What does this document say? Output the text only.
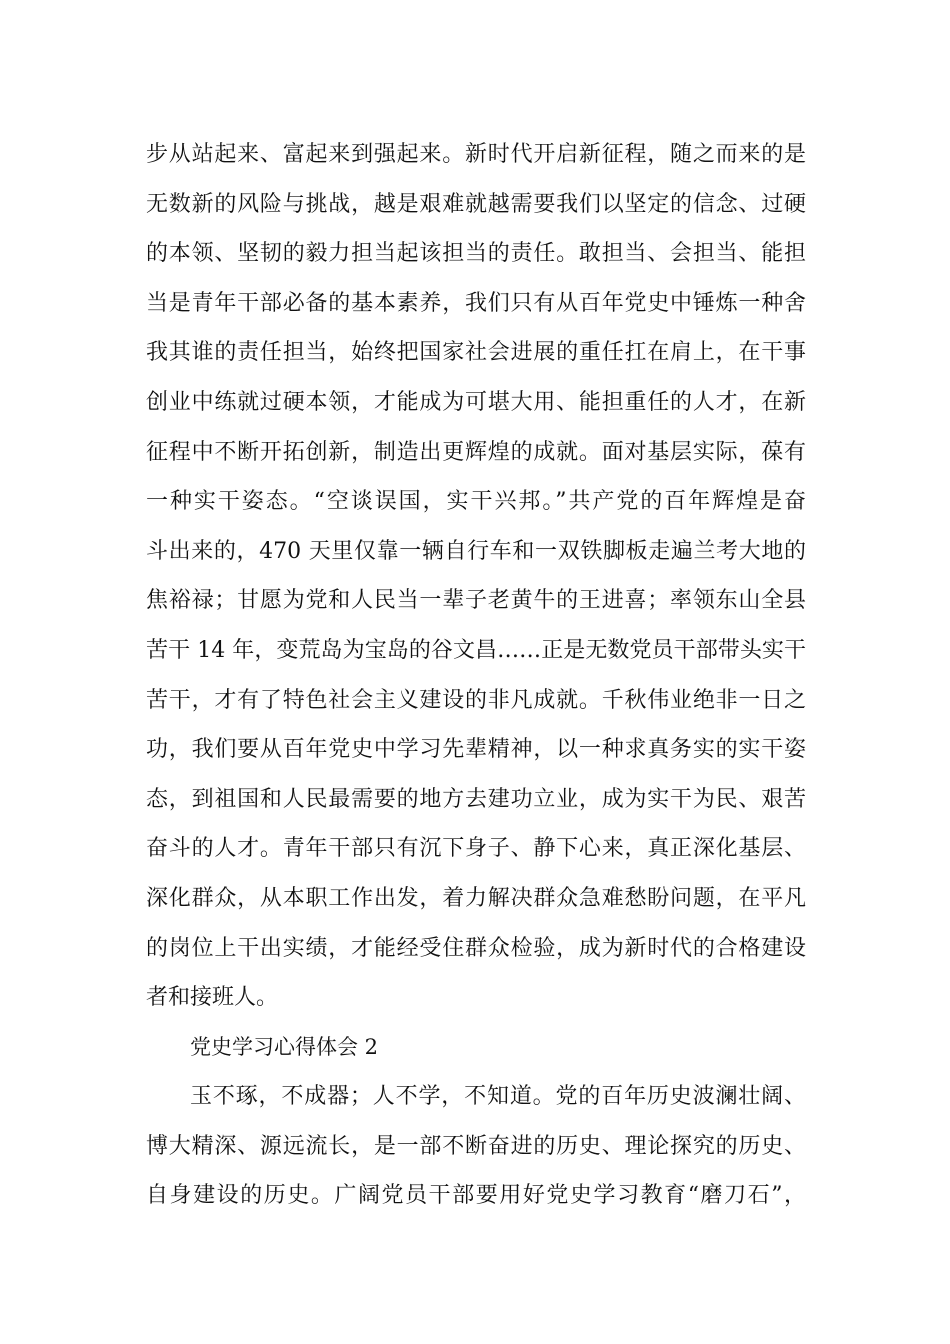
步从站起来、富起来到强起来。新时代开启新征程，随之而来的是
无数新的风险与挑战，越是艰难就越需要我们以坚定的信念、过硬
的本领、坚韧的毅力担当起该担当的责任。敢担当、会担当、能担
当是青年干部必备的基本素养，我们只有从百年党史中锤炼一种舍
我其谁的责任担当，始终把国家社会进展的重任扛在肩上，在干事
创业中练就过硬本领，才能成为可堪大用、能担重任的人才，在新
征程中不断开拓创新，制造出更辉煌的成就。面对基层实际，葆有
一种实干姿态。“空谈误国，实干兴邦。”共产党的百年辉煌是奋
斗出来的，470 天里仅靠一辆自行车和一双铁脚板走遍兰考大地的
焦裕禄；甘愿为党和人民当一辈子老黄牛的王进喜；率领东山全县
苦干 14 年，变荒岛为宝岛的谷文昌……正是无数党员干部带头实干
苦干，才有了特色社会主义建设的非凡成就。千秋伟业绝非一日之
功，我们要从百年党史中学习先辈精神，以一种求真务实的实干姿
态，到祖国和人民最需要的地方去建功立业，成为实干为民、艰苦
奋斗的人才。青年干部只有沉下身子、静下心来，真正深化基层、
深化群众，从本职工作出发，着力解决群众急难愁盼问题，在平凡
的岗位上干出实绩，才能经受住群众检验，成为新时代的合格建设
者和接班人。
党史学习心得体会 2
玉不琢，不成器；人不学，不知道。党的百年历史波澜壮阔、
博大精深、源远流长，是一部不断奋进的历史、理论探究的历史、
自身建设的历史。广阔党员干部要用好党史学习教育“磨刀石”，
